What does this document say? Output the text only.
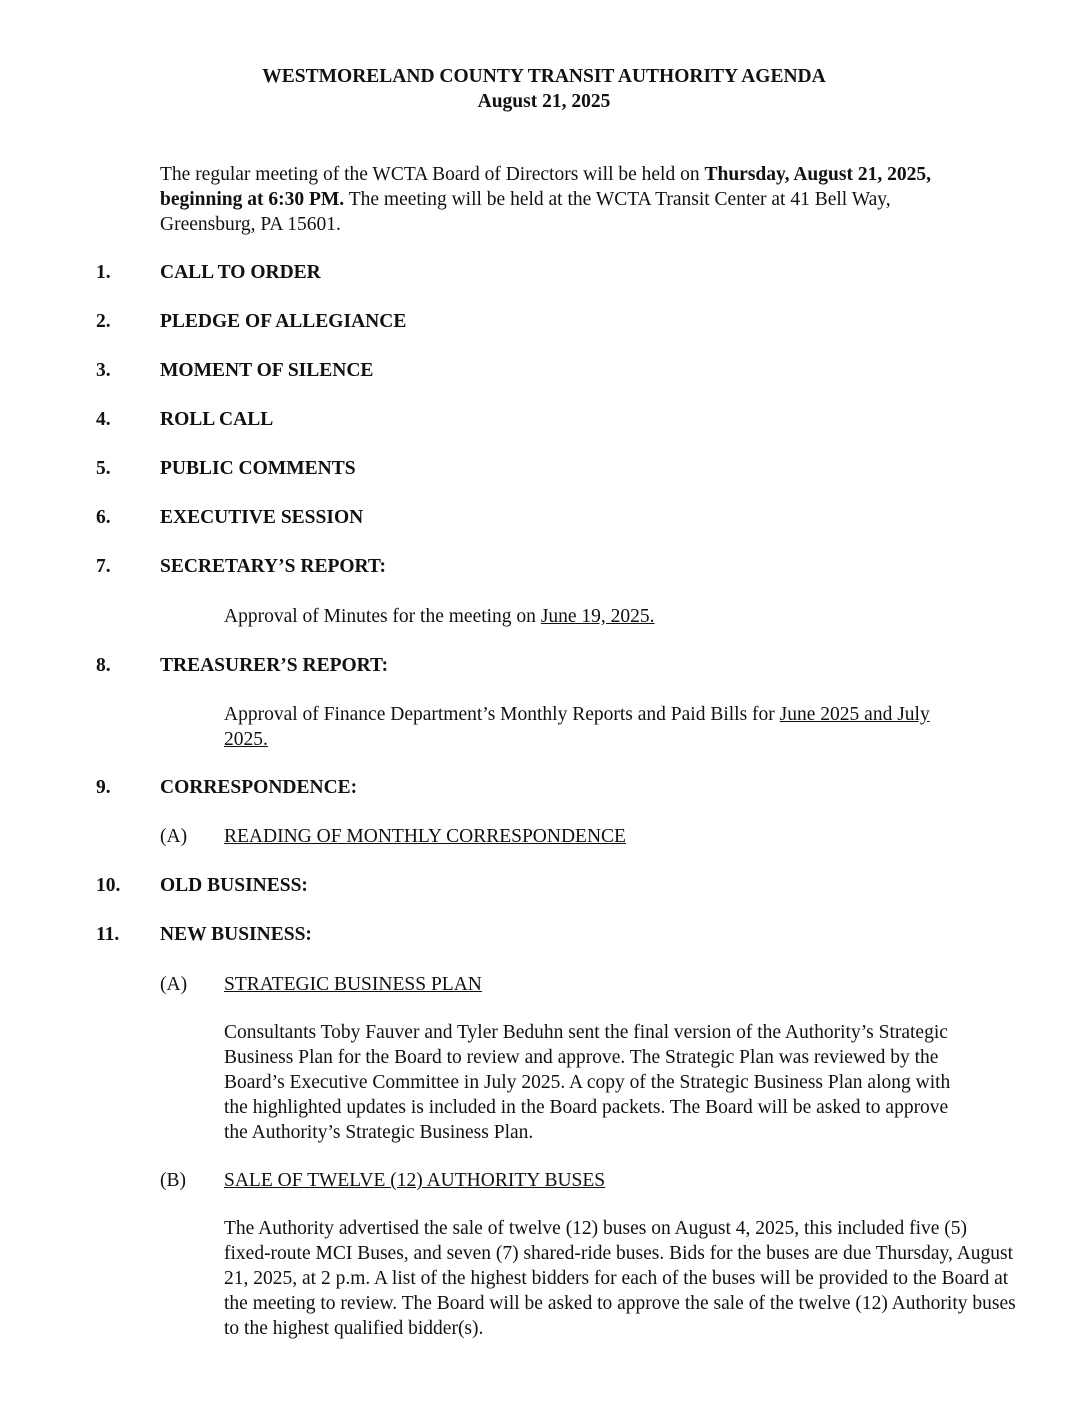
WESTMORELAND COUNTY TRANSIT AUTHORITY AGENDA
August 21, 2025
The regular meeting of the WCTA Board of Directors will be held on Thursday, August 21, 2025, beginning at 6:30 PM. The meeting will be held at the WCTA Transit Center at 41 Bell Way, Greensburg, PA 15601.
1.	CALL TO ORDER
2.	PLEDGE OF ALLEGIANCE
3.	MOMENT OF SILENCE
4.	ROLL CALL
5.	PUBLIC COMMENTS
6.	EXECUTIVE SESSION
7.	SECRETARY’S REPORT:
Approval of Minutes for the meeting on June 19, 2025.
8.	TREASURER’S REPORT:
Approval of Finance Department’s Monthly Reports and Paid Bills for June 2025 and July 2025.
9.	CORRESPONDENCE:
(A) READING OF MONTHLY CORRESPONDENCE
10. OLD BUSINESS:
11. NEW BUSINESS:
(A) STRATEGIC BUSINESS PLAN
Consultants Toby Fauver and Tyler Beduhn sent the final version of the Authority’s Strategic Business Plan for the Board to review and approve. The Strategic Plan was reviewed by the Board’s Executive Committee in July 2025. A copy of the Strategic Business Plan along with the highlighted updates is included in the Board packets. The Board will be asked to approve the Authority’s Strategic Business Plan.
(B) SALE OF TWELVE (12) AUTHORITY BUSES
The Authority advertised the sale of twelve (12) buses on August 4, 2025, this included five (5) fixed-route MCI Buses, and seven (7) shared-ride buses. Bids for the buses are due Thursday, August 21, 2025, at 2 p.m. A list of the highest bidders for each of the buses will be provided to the Board at the meeting to review. The Board will be asked to approve the sale of the twelve (12) Authority buses to the highest qualified bidder(s).
